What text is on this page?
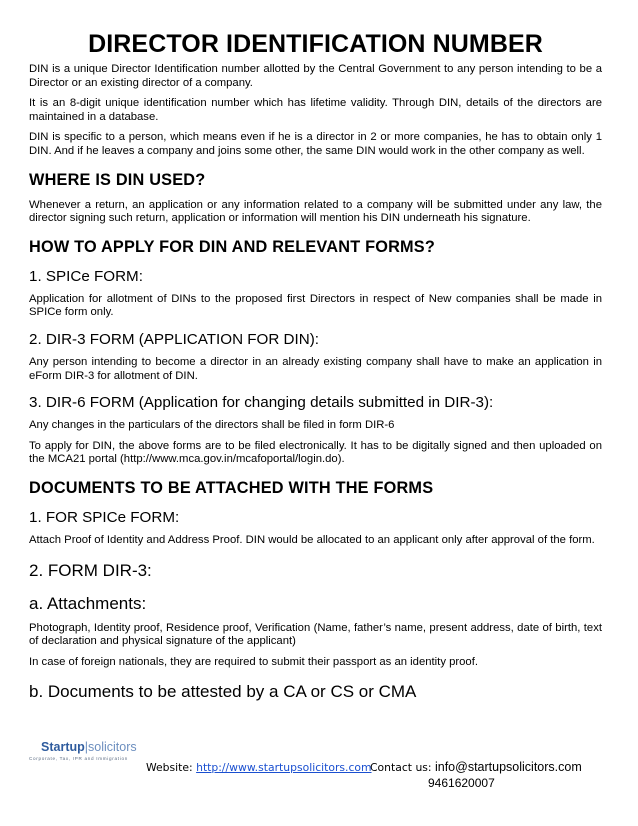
DIRECTOR IDENTIFICATION NUMBER

DIN is a unique Director Identification number allotted by the Central Government to any person intending to be a Director or an existing director of a company.

It is an 8-digit unique identification number which has lifetime validity. Through DIN, details of the directors are maintained in a database.

DIN is specific to a person, which means even if he is a director in 2 or more companies, he has to obtain only 1 DIN. And if he leaves a company and joins some other, the same DIN would work in the other company as well.

WHERE IS DIN USED?

Whenever a return, an application or any information related to a company will be submitted under any law, the director signing such return, application or information will mention his DIN underneath his signature.

HOW TO APPLY FOR DIN AND RELEVANT FORMS?
1. SPICe FORM:

Application for allotment of DINs to the proposed first Directors in respect of New companies shall be made in SPICe form only.

2. DIR-3 FORM (APPLICATION FOR DIN):

Any person intending to become a director in an already existing company shall have to make an application in eForm DIR-3 for allotment of DIN.

3. DIR-6 FORM (Application for changing details submitted in DIR-3):

Any changes in the particulars of the directors shall be filed in form DIR-6

To apply for DIN, the above forms are to be filed electronically. It has to be digitally signed and then uploaded on the MCA21 portal (http://www.mca.gov.in/mcafoportal/login.do).

DOCUMENTS TO BE ATTACHED WITH THE FORMS
1. FOR SPICe FORM:

Attach Proof of Identity and Address Proof. DIN would be allocated to an applicant only after approval of the form.

2. FORM DIR-3:
a. Attachments:

Photograph, Identity proof, Residence proof, Verification (Name, father’s name, present address, date of birth, text of declaration and physical signature of the applicant)

In case of foreign nationals, they are required to submit their passport as an identity proof.

b. Documents to be attested by a CA or CS or CMA
Startup|solicitors
Corporate, Tax, IPR and Immigration
Website: http://www.startupsolicitors.com
Contact us: info@startupsolicitors.com
9461620007
